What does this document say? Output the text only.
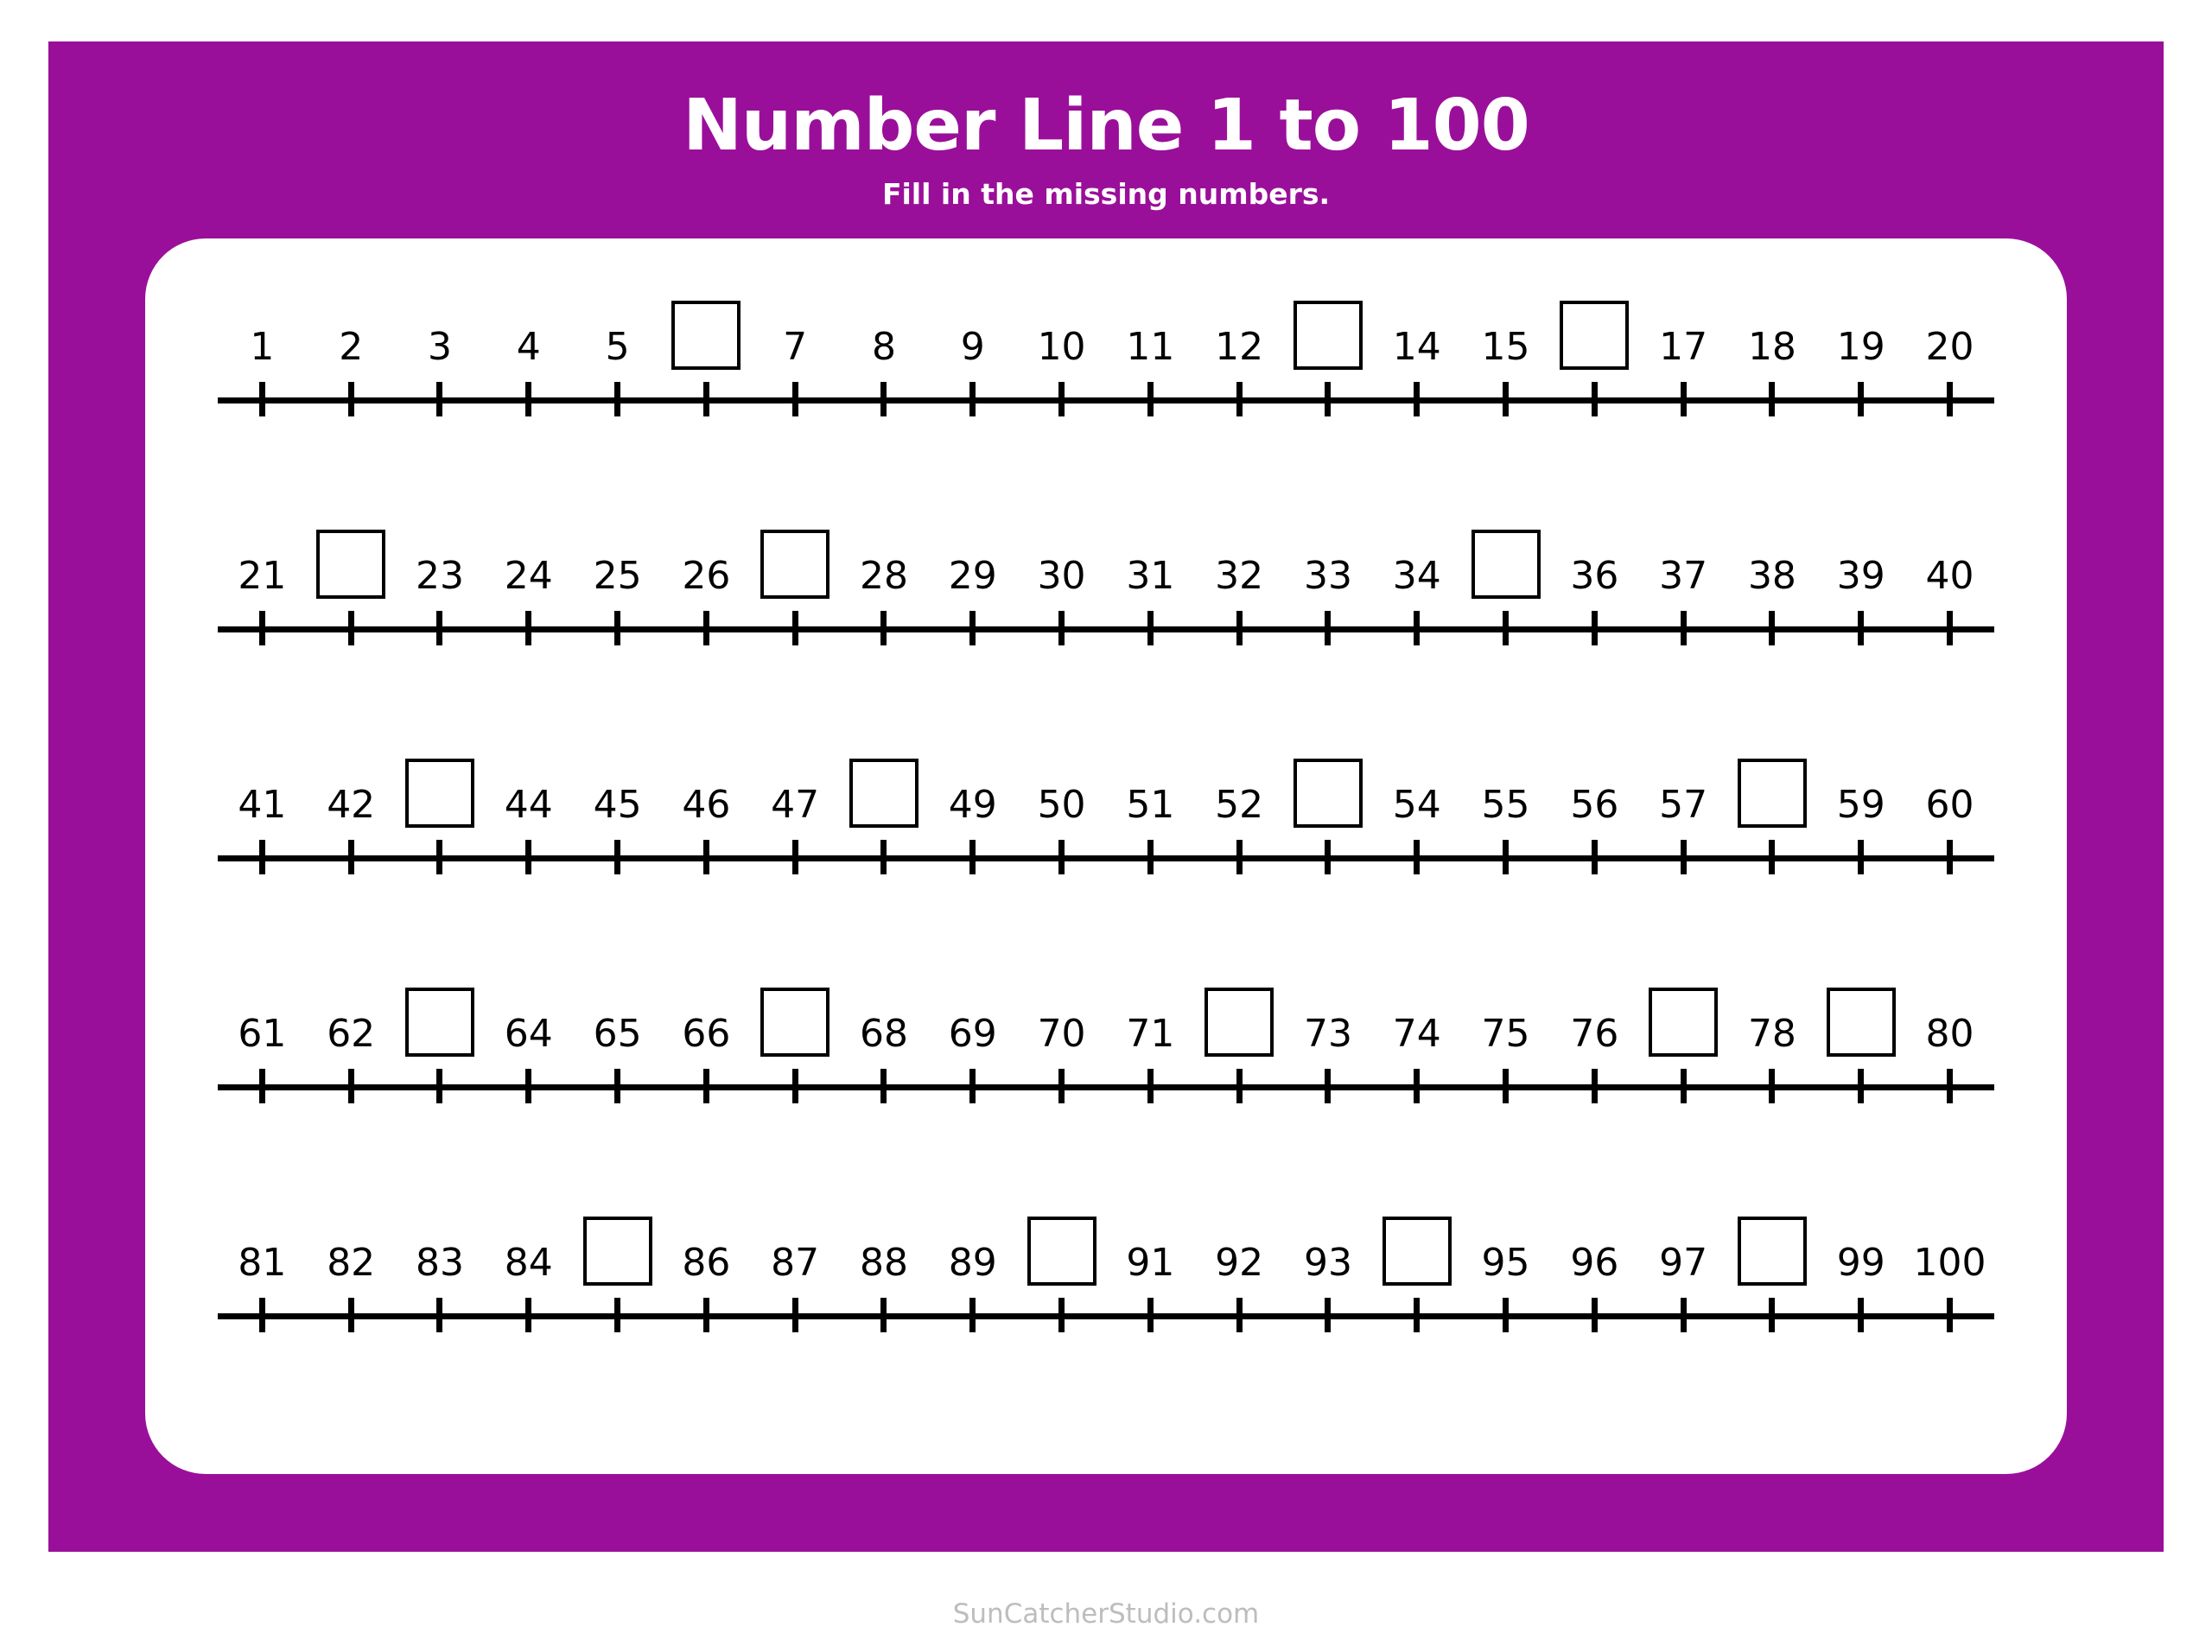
Number Line 1 to 100
Fill in the missing numbers.
1 2 3 4 5	7 8 9 10 11 12	14 15	17 18 19 20
21	23 24 25 26	28 29 30 31 32 33 34	36 37 38 39 40
41 42	44 45 46 47	49 50 51 52	54 55 56 57	59 60
61 62	64 65 66	68 69 70 71	73 74 75 76	78	80
81 82 83 84	86 87 88 89	91 92 93	95 96 97	99 100
SunCatcherStudio.com
